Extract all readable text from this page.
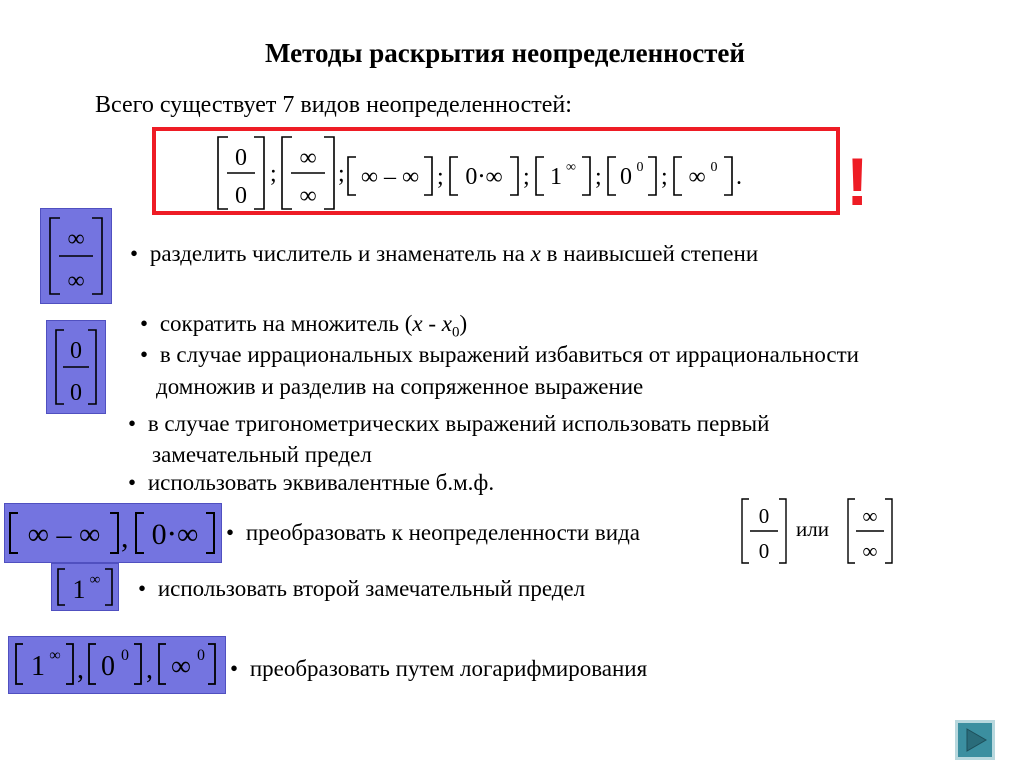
Методы раскрытия неопределенностей
Всего существует 7 видов неопределенностей:
0
0
;
∞
∞
; ∞ – ∞ ; 0⋅∞ ; 1 ∞ ; 0 0 ; ∞ 0 . !
∞
∞
• разделить числитель и знаменатель на x в наивысшей степени
0
0
• сократить на множитель $(x - x_0)$
• в случае иррациональных выражений избавиться от иррациональности
домножив и разделив на сопряженное выражение
• в случае тригонометрических выражений использовать первый
замечательный предел
• использовать эквивалентные б.м.ф.
∞ – ∞ , 0⋅∞ • преобразовать к неопределенности вида
0
0
или
∞
∞
1 ∞ • использовать второй замечательный предел
1 ∞ , 0 0 , ∞ 0
• преобразовать путем логарифмирования
